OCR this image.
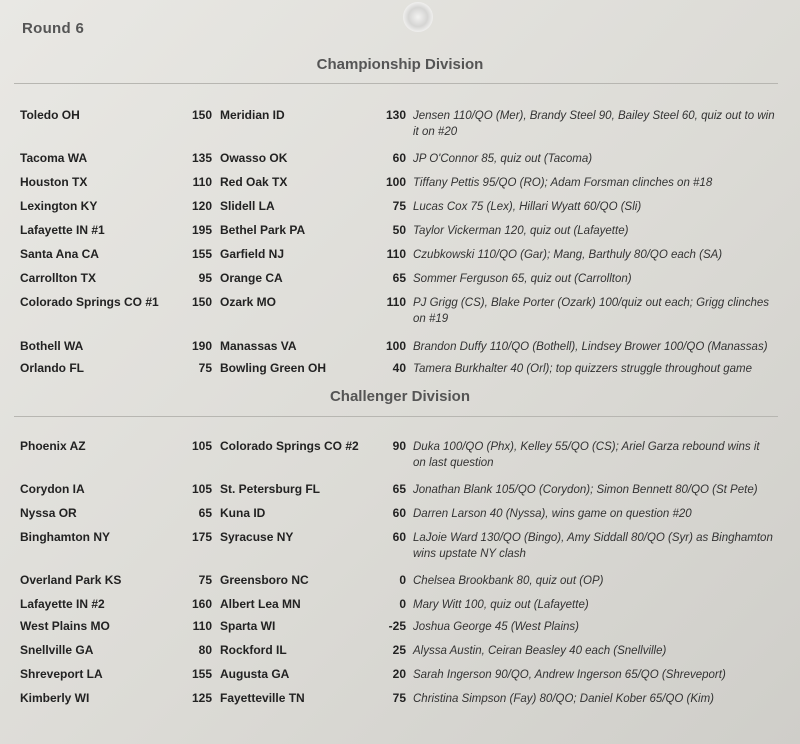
Round 6
Championship Division
Toledo OH	150 Meridian ID	130 Jensen 110/QO (Mer), Brandy Steel 90, Bailey Steel 60, quiz out to win it on #20
Tacoma WA	135 Owasso OK	60 JP O'Connor 85, quiz out (Tacoma)
Houston TX	110 Red Oak TX	100 Tiffany Pettis 95/QO (RO); Adam Forsman clinches on #18
Lexington KY	120 Slidell LA	75 Lucas Cox 75 (Lex), Hillari Wyatt 60/QO (Sli)
Lafayette IN #1	195 Bethel Park PA	50 Taylor Vickerman 120, quiz out (Lafayette)
Santa Ana CA	155 Garfield NJ	110 Czubkowski 110/QO (Gar); Mang, Barthuly 80/QO each (SA)
Carrollton TX	95 Orange CA	65 Sommer Ferguson 65, quiz out (Carrollton)
Colorado Springs CO #1	150 Ozark MO	110 PJ Grigg (CS), Blake Porter (Ozark) 100/quiz out each; Grigg clinches on #19
Bothell WA	190 Manassas VA	100 Brandon Duffy 110/QO (Bothell), Lindsey Brower 100/QO (Manassas)
Orlando FL	75 Bowling Green OH	40 Tamera Burkhalter 40 (Orl); top quizzers struggle throughout game
Challenger Division
Phoenix AZ	105 Colorado Springs CO #2	90 Duka 100/QO (Phx), Kelley 55/QO (CS); Ariel Garza rebound wins it on last question
Corydon IA	105 St. Petersburg FL	65 Jonathan Blank 105/QO (Corydon); Simon Bennett 80/QO (St Pete)
Nyssa OR	65 Kuna ID	60 Darren Larson 40 (Nyssa), wins game on question #20
Binghamton NY	175 Syracuse NY	60 LaJoie Ward 130/QO (Bingo), Amy Siddall 80/QO (Syr) as Binghamton wins upstate NY clash
Overland Park KS	75 Greensboro NC	0 Chelsea Brookbank 80, quiz out (OP)
Lafayette IN #2	160 Albert Lea MN	0 Mary Witt 100, quiz out (Lafayette)
West Plains MO	110 Sparta WI	-25 Joshua George 45 (West Plains)
Snellville GA	80 Rockford IL	25 Alyssa Austin, Ceiran Beasley 40 each (Snellville)
Shreveport LA	155 Augusta GA	20 Sarah Ingerson 90/QO, Andrew Ingerson 65/QO (Shreveport)
Kimberly WI	125 Fayetteville TN	75 Christina Simpson (Fay) 80/QO; Daniel Kober 65/QO (Kim)
